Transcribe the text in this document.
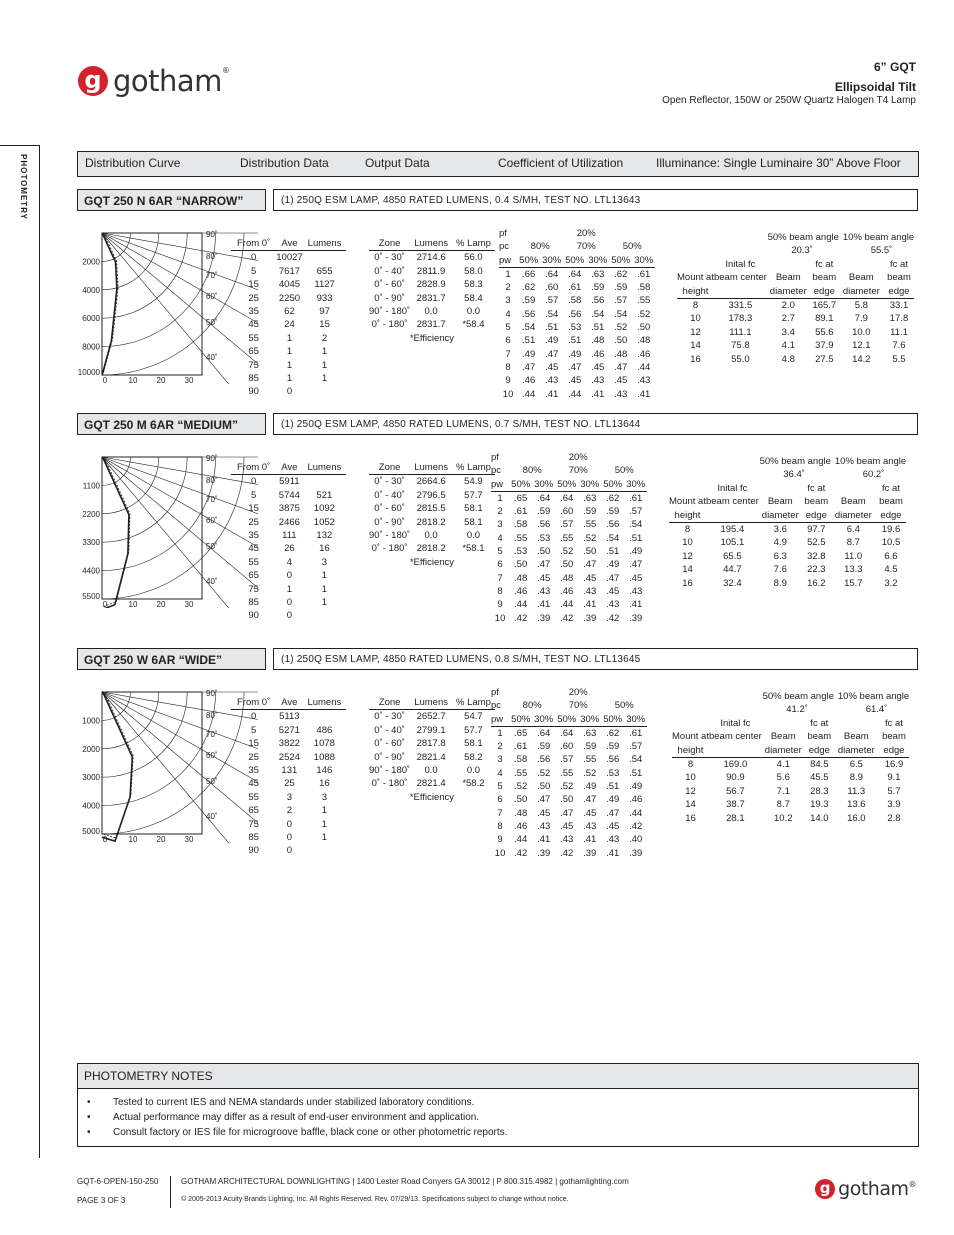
g gotham®	6” GQT
Ellipsoidal Tilt
Open Reflector, 150W or 250W Quartz Halogen T4 Lamp
PHOTOMETRY	Distribution Curve	Distribution Data	Output Data	Coefficient of Utilization	Illuminance: Single Luminaire 30” Above Floor
GQT 250 N 6AR “NARROW”	(1) 250Q ESM LAMP, 4850 RATED LUMENS, 0.4 S/MH, TEST NO. LTL13643
2000
4000
6000
8000
10000
90˚
80˚
70˚
60˚
50˚
40˚
0	10 20 30
From 0˚	Ave	Lumens
0	10027	
5	7617	655
15	4045	1127
25	2250	933
35	62	97
45	24	15
55	1	2
65	1	1
75	1	1
85	1	1
90	0	
Zone	Lumens	% Lamp
0˚ - 30˚	2714.6	56.0
0˚ - 40˚	2811.9	58.0
0˚ - 60˚	2828.9	58.3
0˚ - 90˚	2831.7	58.4
90˚ - 180˚	0.0	0.0
0˚ - 180˚	2831.7	*58.4
*Efficiency		
pf			20%			
pc	80%		70%		50%	
pw	50%	30%	50%	30%	50%	30%
1	.66	.64	.64	.63	.62	.61
2	.62	.60	.61	.59	.59	.58
3	.59	.57	.58	.56	.57	.55
4	.56	.54	.56	.54	.54	.52
5	.54	.51	.53	.51	.52	.50
6	.51	.49	.51	.48	.50	.48
7	.49	.47	.49	.46	.48	.46
8	.47	.45	.47	.45	.47	.44
9	.46	.43	.45	.43	.45	.43
10	.44	.41	.44	.41	.43	.41
50% beam angle				10% beam angle	
20.3˚				55.5˚	
	Inital fc		fc at		fc at
Mount at	beam center	Beam	beam	Beam	beam
height		diameter	edge	diameter	edge
8	331.5	2.0	165.7	5.8	33.1
10	178.3	2.7	89.1	7.9	17.8
12	111.1	3.4	55.6	10.0	11.1
14	75.8	4.1	37.9	12.1	7.6
16	55.0	4.8	27.5	14.2	5.5
GQT 250 M 6AR “MEDIUM”	(1) 250Q ESM LAMP, 4850 RATED LUMENS, 0.7 S/MH, TEST NO. LTL13644
1100
2200
3300
4400
5500
90˚
80˚
70˚
60˚
50˚
40˚
0	10 20 30
From 0˚	Ave	Lumens
0	5911	
5	5744	521
15	3875	1092
25	2466	1052
35	111	132
45	26	16
55	4	3
65	0	1
75	1	1
85	0	1
90	0	
Zone	Lumens	% Lamp
0˚ - 30˚	2664.6	54.9
0˚ - 40˚	2796.5	57.7
0˚ - 60˚	2815.5	58.1
0˚ - 90˚	2818.2	58.1
90˚ - 180˚	0.0	0.0
0˚ - 180˚	2818.2	*58.1
*Efficiency		
pf			20%			
pc	80%		70%		50%	
pw	50%	30%	50%	30%	50%	30%
1	.65	.64	.64	.63	.62	.61
2	.61	.59	.60	.59	.59	.57
3	.58	.56	.57	.55	.56	.54
4	.55	.53	.55	.52	.54	.51
5	.53	.50	.52	.50	.51	.49
6	.50	.47	.50	.47	.49	.47
7	.48	.45	.48	.45	.47	.45
8	.46	.43	.46	.43	.45	.43
9	.44	.41	.44	.41	.43	.41
10	.42	.39	.42	.39	.42	.39
50% beam angle				10% beam angle	
36.4˚				60.2˚	
	Inital fc		fc at		fc at
Mount at	beam center	Beam	beam	Beam	beam
height		diameter	edge	diameter	edge
8	195.4	3.6	97.7	6.4	19.6
10	105.1	4.9	52.5	8.7	10.5
12	65.5	6.3	32.8	11.0	6.6
14	44.7	7.6	22.3	13.3	4.5
16	32.4	8.9	16.2	15.7	3.2
GQT 250 W 6AR “WIDE”	(1) 250Q ESM LAMP, 4850 RATED LUMENS, 0.8 S/MH, TEST NO. LTL13645
1000
2000
3000
4000
5000
90˚
80˚
70˚
60˚
50˚
40˚
0	10 20 30
From 0˚	Ave	Lumens
0	5113	
5	5271	486
15	3822	1078
25	2524	1088
35	131	146
45	25	16
55	3	3
65	2	1
75	0	1
85	0	1
90	0	
Zone	Lumens	% Lamp
0˚ - 30˚	2652.7	54.7
0˚ - 40˚	2799.1	57.7
0˚ - 60˚	2817.8	58.1
0˚ - 90˚	2821.4	58.2
90˚ - 180˚	0.0	0.0
0˚ - 180˚	2821.4	*58.2
*Efficiency		
pf			20%			
pc	80%		70%		50%	
pw	50%	30%	50%	30%	50%	30%
1	.65	.64	.64	.63	.62	.61
2	.61	.59	.60	.59	.59	.57
3	.58	.56	.57	.55	.56	.54
4	.55	.52	.55	.52	.53	.51
5	.52	.50	.52	.49	.51	.49
6	.50	.47	.50	.47	.49	.46
7	.48	.45	.47	.45	.47	.44
8	.46	.43	.45	.43	.45	.42
9	.44	.41	.43	.41	.43	.40
10	.42	.39	.42	.39	.41	.39
50% beam angle				10% beam angle	
41.2˚				61.4˚	
	Inital fc		fc at		fc at
Mount at	beam center	Beam	beam	Beam	beam
height		diameter	edge	diameter	edge
8	169.0	4.1	84.5	6.5	16.9
10	90.9	5.6	45.5	8.9	9.1
12	56.7	7.1	28.3	11.3	5.7
14	38.7	8.7	19.3	13.6	3.9
16	28.1	10.2	14.0	16.0	2.8
PHOTOMETRY NOTES
• Tested to current IES and NEMA standards under stabilized laboratory conditions.
• Actual performance may differ as a result of end-user environment and application.
• Consult factory or IES file for microgroove baffle, black cone or other photometric reports.
GQT-6-OPEN-150-250
PAGE 3 OF 3
GOTHAM ARCHITECTURAL DOWNLIGHTING | 1400 Lester Road Conyers GA 30012 | P 800.315.4982 | gothamlighting.com
© 2005-2013 Acuity Brands Lighting, Inc. All Rights Reserved. Rev. 07/29/13. Specifications subject to change without notice.
g gotham®
